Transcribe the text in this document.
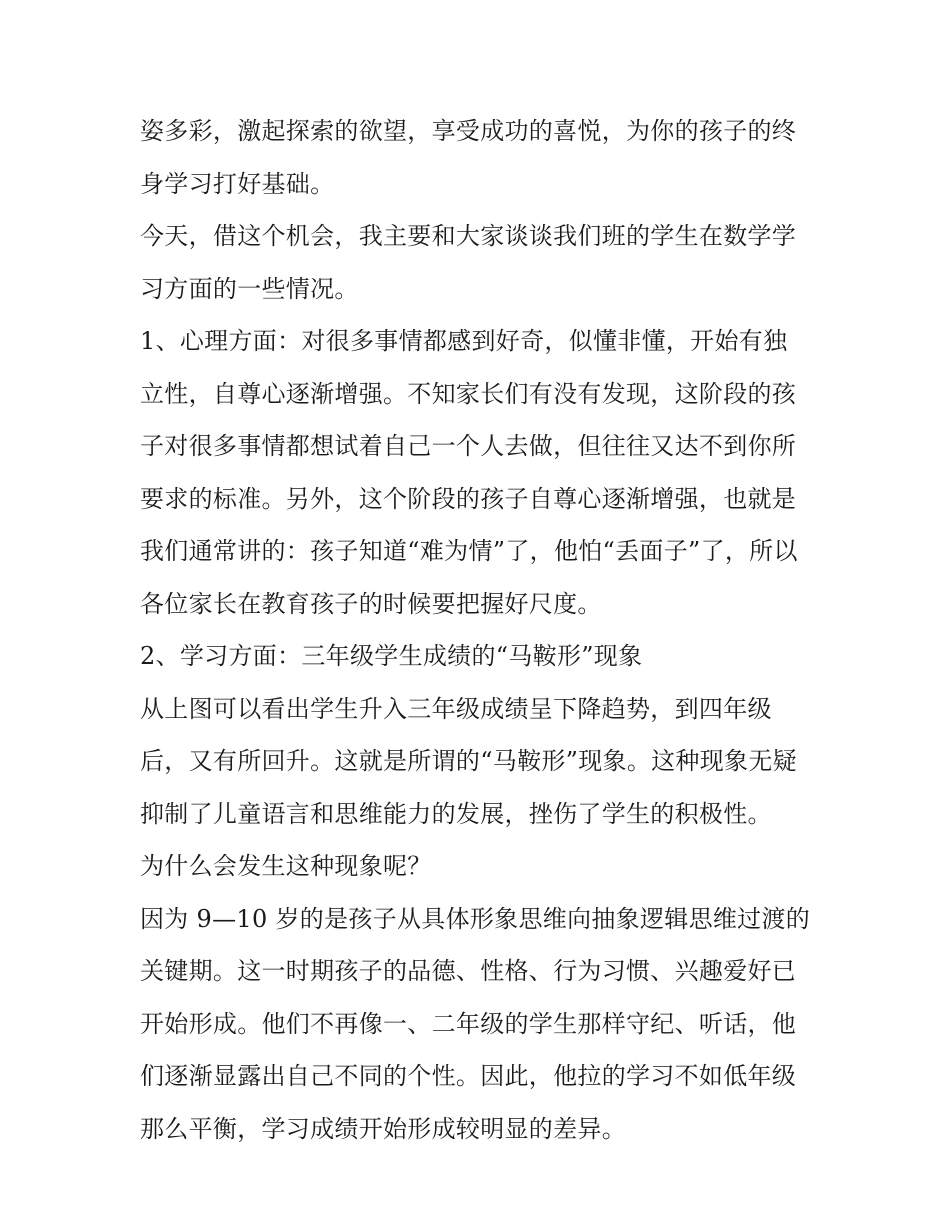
姿多彩，激起探索的欲望，享受成功的喜悦，为你的孩子的终
身学习打好基础。
今天，借这个机会，我主要和大家谈谈我们班的学生在数学学
习方面的一些情况。
1、心理方面：对很多事情都感到好奇，似懂非懂，开始有独
立性，自尊心逐渐增强。不知家长们有没有发现，这阶段的孩
子对很多事情都想试着自己一个人去做，但往往又达不到你所
要求的标准。另外，这个阶段的孩子自尊心逐渐增强，也就是
我们通常讲的：孩子知道“难为情”了，他怕“丢面子”了，所以
各位家长在教育孩子的时候要把握好尺度。
2、学习方面：三年级学生成绩的“马鞍形”现象
从上图可以看出学生升入三年级成绩呈下降趋势，到四年级
后，又有所回升。这就是所谓的“马鞍形”现象。这种现象无疑
抑制了儿童语言和思维能力的发展，挫伤了学生的积极性。
为什么会发生这种现象呢？
因为 9—10 岁的是孩子从具体形象思维向抽象逻辑思维过渡的
关键期。这一时期孩子的品德、性格、行为习惯、兴趣爱好已
开始形成。他们不再像一、二年级的学生那样守纪、听话，他
们逐渐显露出自己不同的个性。因此，他拉的学习不如低年级
那么平衡，学习成绩开始形成较明显的差异。
